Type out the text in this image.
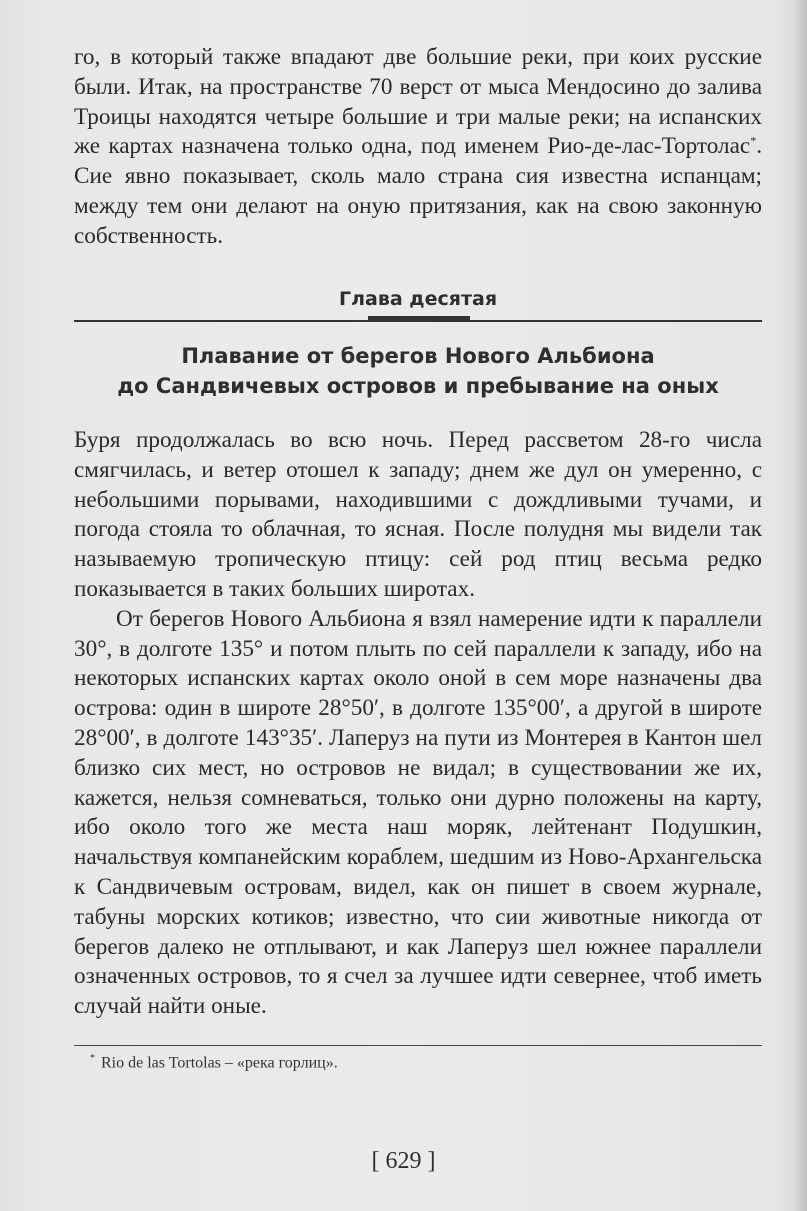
го, в который также впадают две большие реки, при коих русские были. Итак, на пространстве 70 верст от мыса Мендосино до залива Троицы находятся четыре большие и три малые реки; на испанских же картах назначена только одна, под именем Рио-де-лас-Тортолас*. Сие явно показывает, сколь мало страна сия известна испанцам; между тем они делают на оную притязания, как на свою законную собственность.

Глава десятая
Плавание от берегов Нового Альбиона
до Сандвичевых островов и пребывание на оных

Буря продолжалась во всю ночь. Перед рассветом 28-го числа смягчилась, и ветер отошел к западу; днем же дул он умеренно, с небольшими порывами, находившими с дождливыми тучами, и погода стояла то облачная, то ясная. После полудня мы видели так называемую тропическую птицу: сей род птиц весьма редко показывается в таких больших широтах.

От берегов Нового Альбиона я взял намерение идти к параллели 30°, в долготе 135° и потом плыть по сей параллели к западу, ибо на некоторых испанских картах около оной в сем море назначены два острова: один в широте 28°50′, в долготе 135°00′, а другой в широте 28°00′, в долготе 143°35′. Лаперуз на пути из Монтерея в Кантон шел близко сих мест, но островов не видал; в существовании же их, кажется, нельзя сомневаться, только они дурно положены на карту, ибо около того же места наш моряк, лейтенант Подушкин, начальствуя компанейским кораблем, шедшим из Ново-Архангельска к Сандвичевым островам, видел, как он пишет в своем журнале, табуны морских котиков; известно, что сии животные никогда от берегов далеко не отплывают, и как Лаперуз шел южнее параллели означенных островов, то я счел за лучшее идти севернее, чтоб иметь случай найти оные.

* Rio de las Tortolas – «река горлиц».
[ 629 ]
